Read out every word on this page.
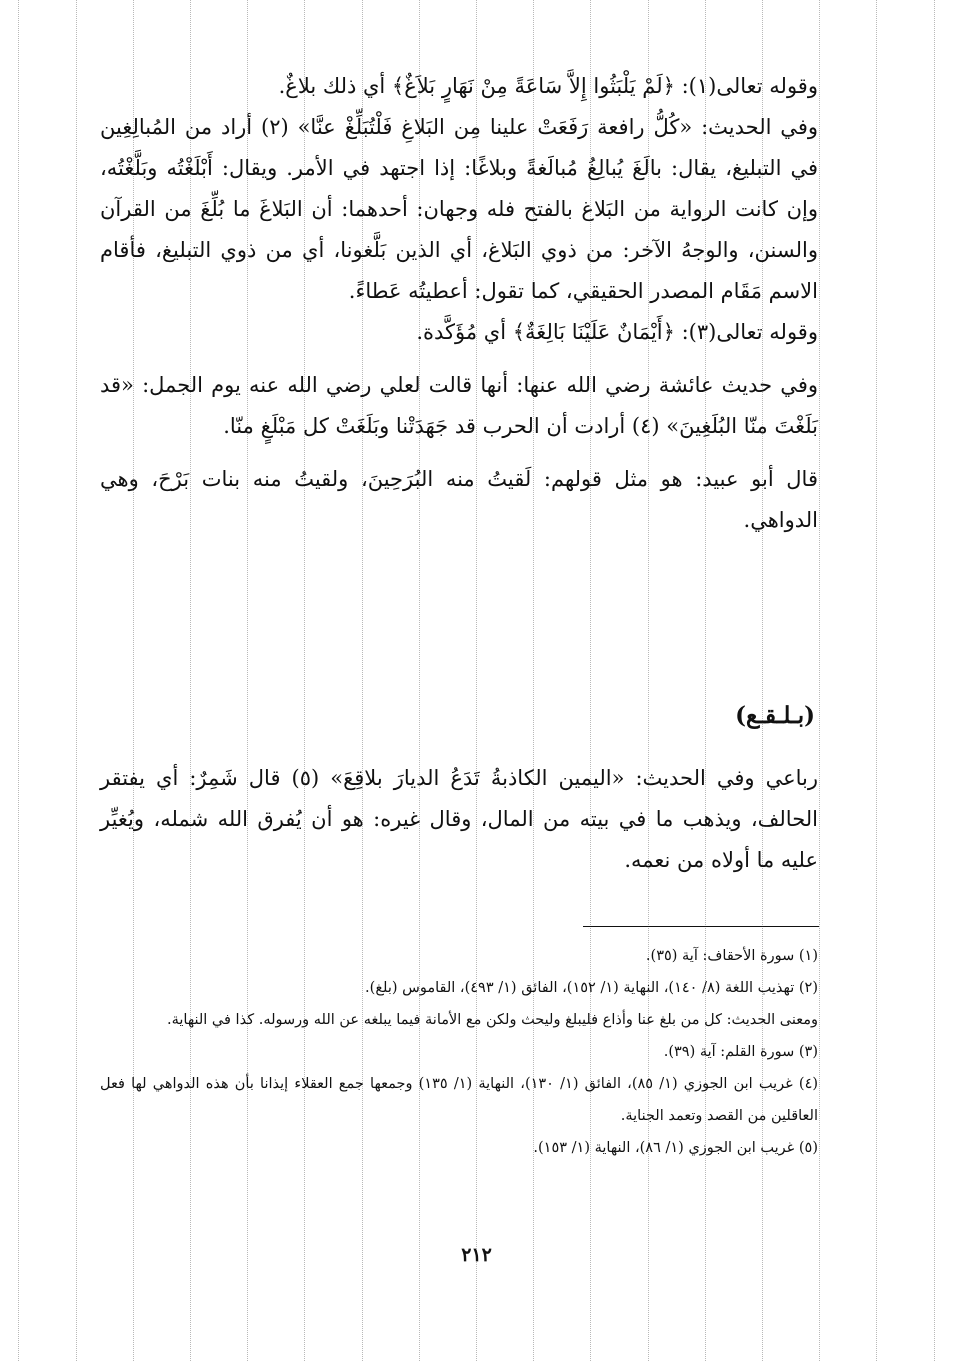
وقوله تعالى(١): ﴿لَمْ يَلْبَثُوا إِلاَّ سَاعَةً مِنْ نَهَارٍ بَلاَغٌ﴾ أي ذلك بلاغٌ.

وفي الحديث: «كُلُّ رافعة رَفَعَتْ علينا مِن البَلاغِ فَلْتُبَلِّغْ عنَّا» (٢) أراد من المُبالِغِين في التبليغ، يقال: بالَغَ يُبالِغُ مُبالَغةً وبلاغًا: إذا اجتهد في الأمر. ويقال: أَبْلَغْتُه وبَلَّغْتُه، وإن كانت الرواية من البَلاغ بالفتح فله وجهان: أحدهما: أن البَلاغَ ما بُلِّغَ من القرآن والسنن، والوجهُ الآخر: من ذوي البَلاغ، أي الذين بَلَّغونا، أي من ذوي التبليغ، فأقام الاسم مَقَام المصدر الحقيقي، كما تقول: أعطيتُه عَطاءً.

وقوله تعالى(٣): ﴿أَيْمَانٌ عَلَيْنَا بَالِغَةٌ﴾ أي مُؤَكَّدة.

وفي حديث عائشة رضي الله عنها: أنها قالت لعلي رضي الله عنه يوم الجمل: «قد بَلَغْتَ منّا البُلَغِينَ» (٤) أرادت أن الحرب قد جَهَدَتْنا وبَلَغَتْ كل مَبْلَغٍ منّا.

قال أبو عبيد: هو مثل قولهم: لَقيتُ منه البُرَحِينَ، ولقيتُ منه بنات بَرْحَ، وهي الدواهي.

(بـلـقـع)

رباعي وفي الحديث: «اليمين الكاذبةُ تَدَعُ الديارَ بلاقِعَ» (٥) قال شَمِرٌ: أي يفتقر الحالف، ويذهب ما في بيته من المال، وقال غيره: هو أن يُفرق الله شمله، ويُغيِّر عليه ما أولاه من نعمه.

(١) سورة الأحقاف: آية (٣٥).

(٢) تهذيب اللغة (٨/ ١٤٠)، النهاية (١/ ١٥٢)، الفائق (١/ ٤٩٣)، القاموس (بلغ).

ومعنى الحديث: كل من بلغ عنا وأذاع فليبلغ وليحث ولكن مع الأمانة فيما يبلغه عن الله ورسوله. كذا في النهاية.

(٣) سورة القلم: آية (٣٩).

(٤) غريب ابن الجوزي (١/ ٨٥)، الفائق (١/ ١٣٠)، النهاية (١/ ١٣٥) وجمعها جمع العقلاء إيذانا بأن هذه الدواهي لها فعل العاقلين من القصد وتعمد الجناية.

(٥) غريب ابن الجوزي (١/ ٨٦)، النهاية (١/ ١٥٣).

٢١٢
